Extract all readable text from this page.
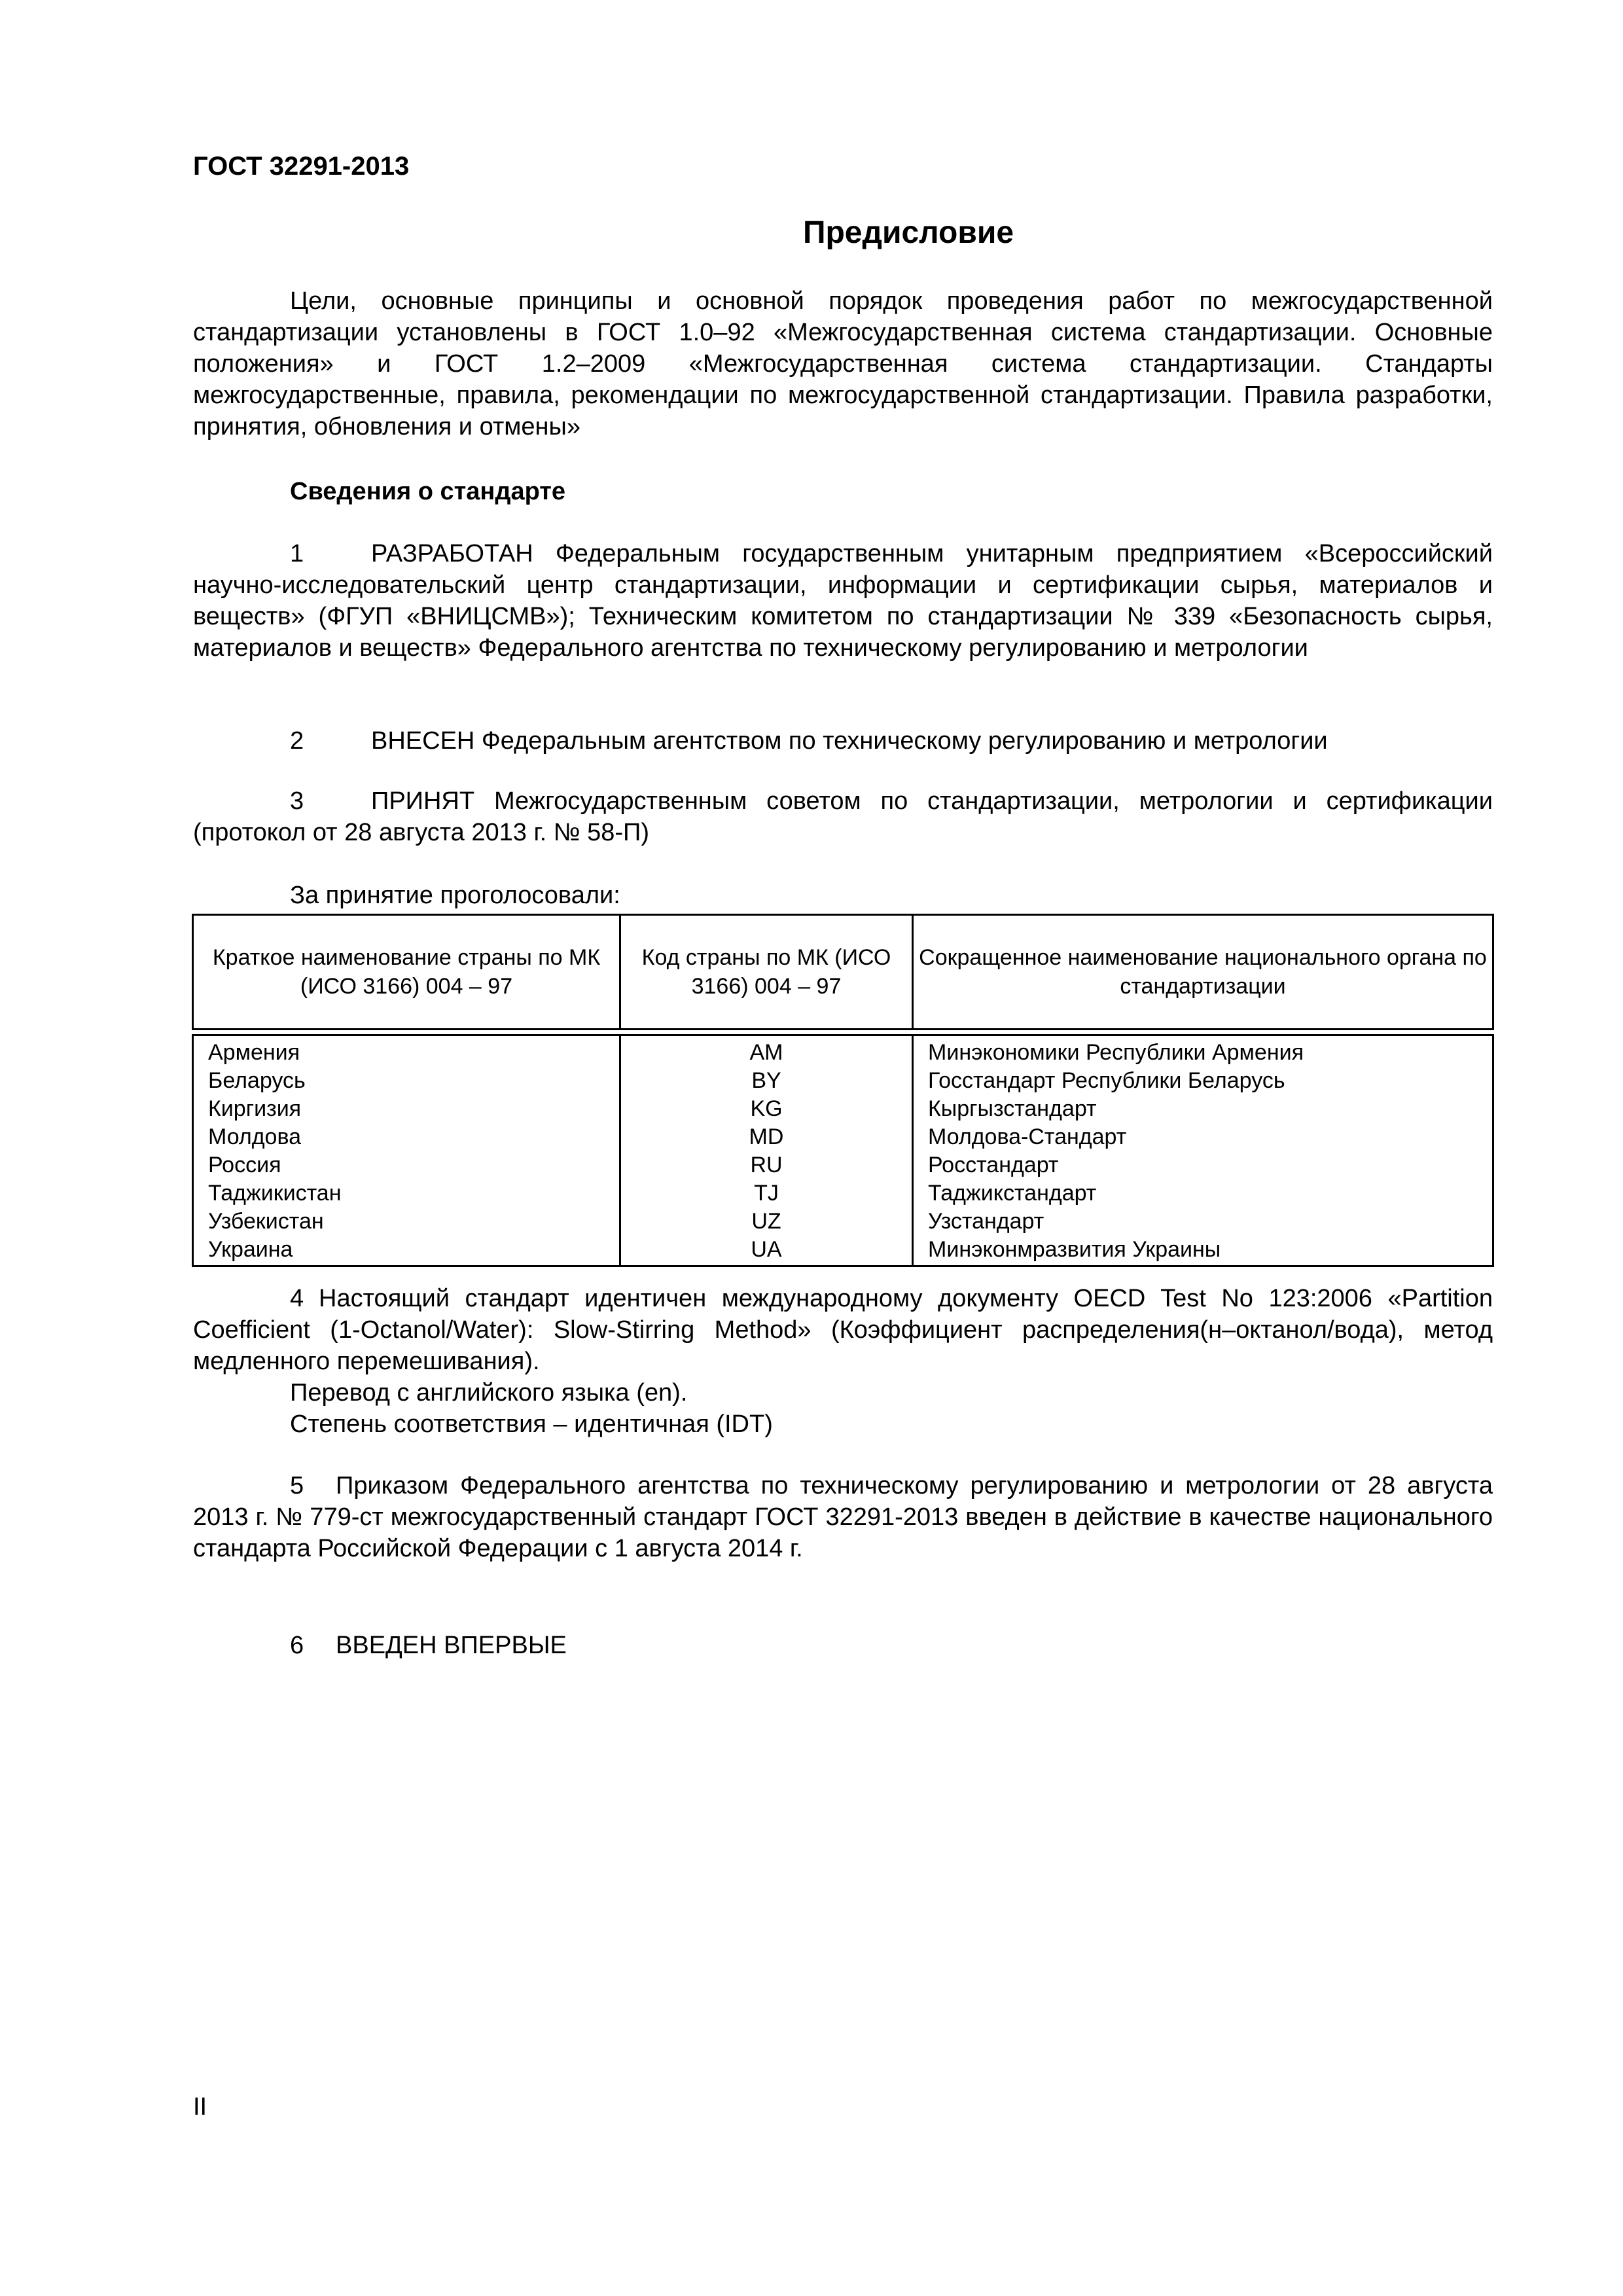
ГОСТ 32291-2013

Предисловие

Цели, основные принципы и основной порядок проведения работ по межгосударственной стандартизации установлены в ГОСТ 1.0–92 «Межгосударственная система стандартизации. Основные положения» и ГОСТ 1.2–2009 «Межгосударственная система стандартизации. Стандарты межгосударственные, правила, рекомендации по межгосударственной стандартизации. Правила разработки, принятия, обновления и отмены»

Сведения о стандарте

1	РАЗРАБОТАН Федеральным государственным унитарным предприятием «Всероссийский научно-исследовательский центр стандартизации, информации и сертификации сырья, материалов и веществ» (ФГУП «ВНИЦСМВ»); Техническим комитетом по стандартизации № 339 «Безопасность сырья, материалов и веществ» Федерального агентства по техническому регулированию и метрологии

2	ВНЕСЕН Федеральным агентством по техническому регулированию и метрологии

3	ПРИНЯТ Межгосударственным советом по стандартизации, метрологии и сертификации (протокол от 28 августа 2013 г. № 58-П)

За принятие проголосовали:

Краткое наименование страны по МК (ИСО 3166) 004 – 97	Код страны по МК (ИСО 3166) 004 – 97	Сокращенное наименование национального органа по стандартизации

Армения	AM	Минэкономики Республики Армения
Беларусь	BY	Госстандарт Республики Беларусь
Киргизия	KG	Кыргызстандарт
Молдова	MD	Молдова-Стандарт
Россия	RU	Росстандарт
Таджикистан	TJ	Таджикстандарт
Узбекистан	UZ	Узстандарт
Украина	UA	Минэконмразвития Украины

4 Настоящий стандарт идентичен международному документу OECD Test No 123:2006 «Partition Coefficient (1-Octanol/Water): Slow-Stirring Method» (Коэффициент распределения(н–октанол/вода), метод медленного перемешивания).

Перевод с английского языка (en).

Степень соответствия – идентичная (IDT)

5 Приказом Федерального агентства по техническому регулированию и метрологии от 28 августа 2013 г. № 779-ст межгосударственный стандарт ГОСТ 32291-2013 введен в действие в качестве национального стандарта Российской Федерации с 1 августа 2014 г.

6 ВВЕДЕН ВПЕРВЫЕ

II
